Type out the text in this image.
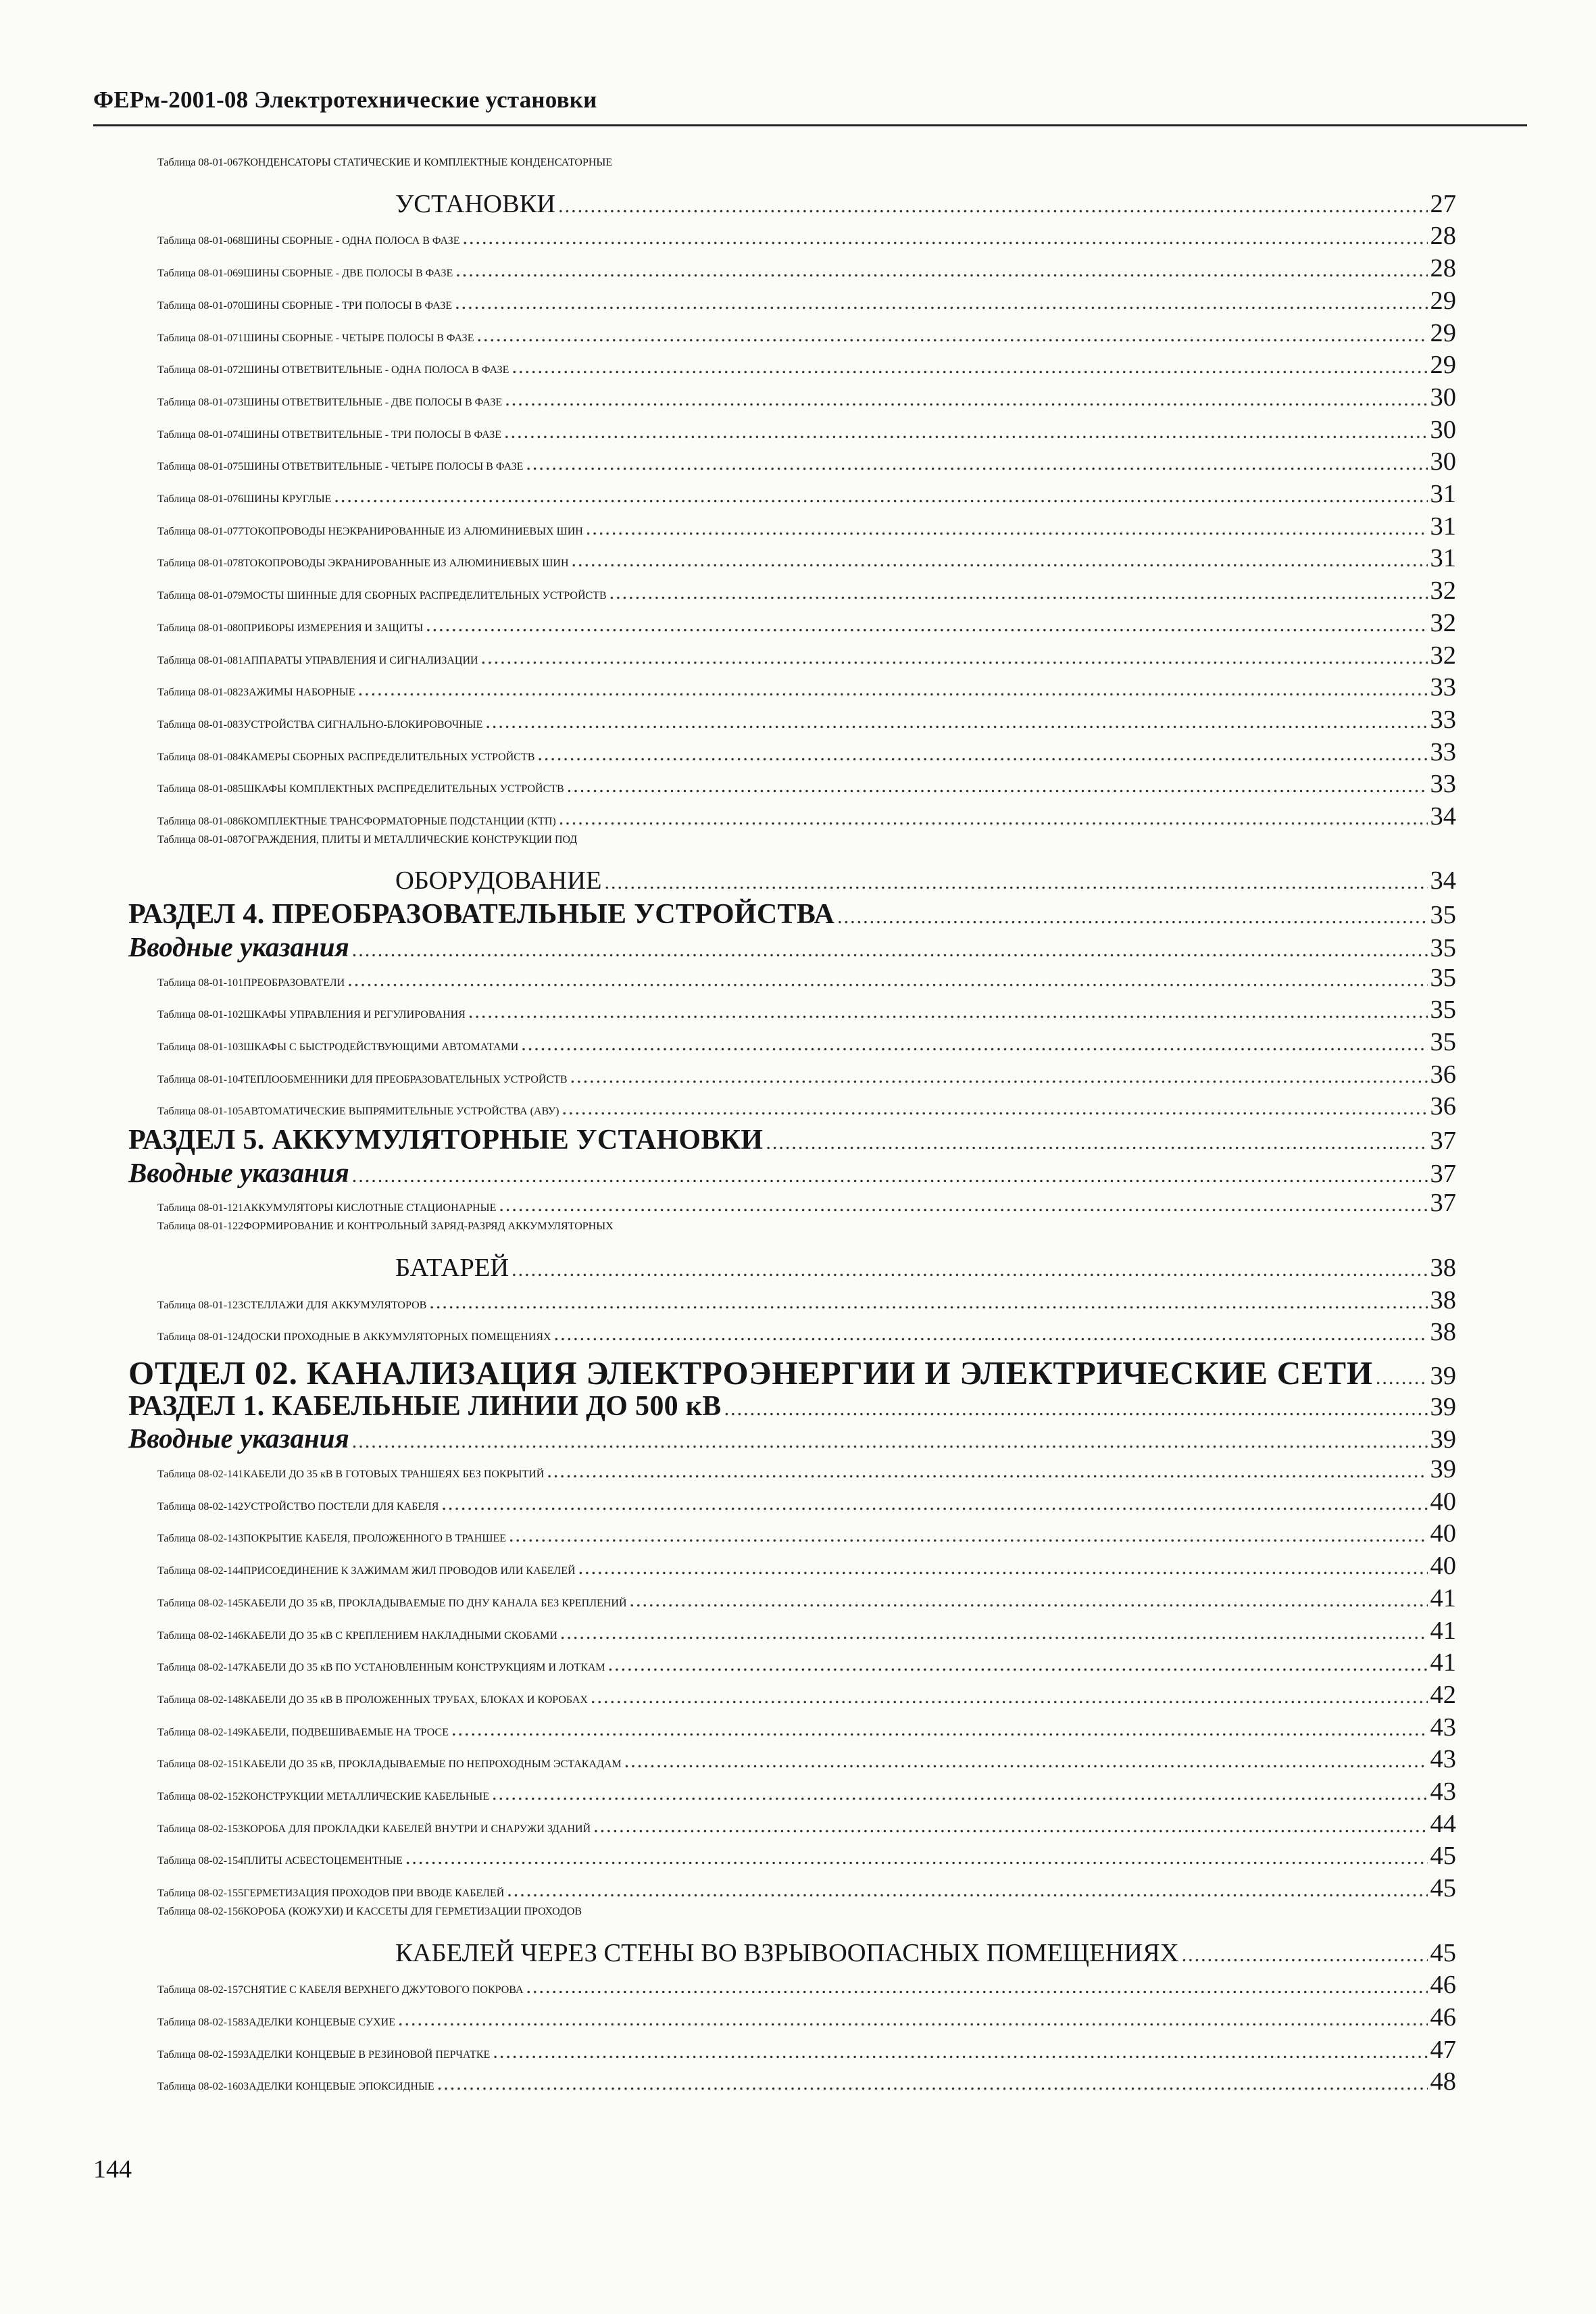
ФЕРм-2001-08 Электротехнические установки
Таблица 08-01-067 КОНДЕНСАТОРЫ СТАТИЧЕСКИЕ И КОМПЛЕКТНЫЕ КОНДЕНСАТОРНЫЕ
УСТАНОВКИ .....	27
Таблица 08-01-068 ШИНЫ СБОРНЫЕ - ОДНА ПОЛОСА В ФАЗЕ .....	28
Таблица 08-01-069 ШИНЫ СБОРНЫЕ - ДВЕ ПОЛОСЫ В ФАЗЕ .....	28
Таблица 08-01-070 ШИНЫ СБОРНЫЕ - ТРИ ПОЛОСЫ В ФАЗЕ .....	29
Таблица 08-01-071 ШИНЫ СБОРНЫЕ - ЧЕТЫРЕ ПОЛОСЫ В ФАЗЕ .....	29
Таблица 08-01-072 ШИНЫ ОТВЕТВИТЕЛЬНЫЕ - ОДНА ПОЛОСА В ФАЗЕ .....	29
Таблица 08-01-073 ШИНЫ ОТВЕТВИТЕЛЬНЫЕ - ДВЕ ПОЛОСЫ В ФАЗЕ .....	30
Таблица 08-01-074 ШИНЫ ОТВЕТВИТЕЛЬНЫЕ - ТРИ ПОЛОСЫ В ФАЗЕ .....	30
Таблица 08-01-075 ШИНЫ ОТВЕТВИТЕЛЬНЫЕ - ЧЕТЫРЕ ПОЛОСЫ В ФАЗЕ .....	30
Таблица 08-01-076 ШИНЫ КРУГЛЫЕ .....	31
Таблица 08-01-077 ТОКОПРОВОДЫ НЕЭКРАНИРОВАННЫЕ ИЗ АЛЮМИНИЕВЫХ ШИН .....	31
Таблица 08-01-078 ТОКОПРОВОДЫ ЭКРАНИРОВАННЫЕ ИЗ АЛЮМИНИЕВЫХ ШИН .....	31
Таблица 08-01-079 МОСТЫ ШИННЫЕ ДЛЯ СБОРНЫХ РАСПРЕДЕЛИТЕЛЬНЫХ УСТРОЙСТВ .....	32
Таблица 08-01-080 ПРИБОРЫ ИЗМЕРЕНИЯ И ЗАЩИТЫ .....	32
Таблица 08-01-081 АППАРАТЫ УПРАВЛЕНИЯ И СИГНАЛИЗАЦИИ .....	32
Таблица 08-01-082 ЗАЖИМЫ НАБОРНЫЕ .....	33
Таблица 08-01-083 УСТРОЙСТВА СИГНАЛЬНО-БЛОКИРОВОЧНЫЕ .....	33
Таблица 08-01-084 КАМЕРЫ СБОРНЫХ РАСПРЕДЕЛИТЕЛЬНЫХ УСТРОЙСТВ .....	33
Таблица 08-01-085 ШКАФЫ КОМПЛЕКТНЫХ РАСПРЕДЕЛИТЕЛЬНЫХ УСТРОЙСТВ .....	33
Таблица 08-01-086 КОМПЛЕКТНЫЕ ТРАНСФОРМАТОРНЫЕ ПОДСТАНЦИИ (КТП) .....	34
Таблица 08-01-087 ОГРАЖДЕНИЯ, ПЛИТЫ И МЕТАЛЛИЧЕСКИЕ КОНСТРУКЦИИ ПОД
ОБОРУДОВАНИЕ .....	34
РАЗДЕЛ 4. ПРЕОБРАЗОВАТЕЛЬНЫЕ УСТРОЙСТВА .....	35
Вводные указания .....	35
Таблица 08-01-101 ПРЕОБРАЗОВАТЕЛИ .....	35
Таблица 08-01-102 ШКАФЫ УПРАВЛЕНИЯ И РЕГУЛИРОВАНИЯ .....	35
Таблица 08-01-103 ШКАФЫ С БЫСТРОДЕЙСТВУЮЩИМИ АВТОМАТАМИ .....	35
Таблица 08-01-104 ТЕПЛООБМЕННИКИ ДЛЯ ПРЕОБРАЗОВАТЕЛЬНЫХ УСТРОЙСТВ .....	36
Таблица 08-01-105 АВТОМАТИЧЕСКИЕ ВЫПРЯМИТЕЛЬНЫЕ УСТРОЙСТВА (АВУ) .....	36
РАЗДЕЛ 5. АККУМУЛЯТОРНЫЕ УСТАНОВКИ .....	37
Вводные указания .....	37
Таблица 08-01-121 АККУМУЛЯТОРЫ КИСЛОТНЫЕ СТАЦИОНАРНЫЕ .....	37
Таблица 08-01-122 ФОРМИРОВАНИЕ И КОНТРОЛЬНЫЙ ЗАРЯД-РАЗРЯД АККУМУЛЯТОРНЫХ
БАТАРЕЙ .....	38
Таблица 08-01-123 СТЕЛЛАЖИ ДЛЯ АККУМУЛЯТОРОВ .....	38
Таблица 08-01-124 ДОСКИ ПРОХОДНЫЕ В АККУМУЛЯТОРНЫХ ПОМЕЩЕНИЯХ .....	38
ОТДЕЛ 02. КАНАЛИЗАЦИЯ ЭЛЕКТРОЭНЕРГИИ И ЭЛЕКТРИЧЕСКИЕ СЕТИ ..... 39
РАЗДЕЛ 1. КАБЕЛЬНЫЕ ЛИНИИ ДО 500 кВ .....	39
Вводные указания .....	39
Таблица 08-02-141 КАБЕЛИ ДО 35 кВ В ГОТОВЫХ ТРАНШЕЯХ БЕЗ ПОКРЫТИЙ .....	39
Таблица 08-02-142 УСТРОЙСТВО ПОСТЕЛИ ДЛЯ КАБЕЛЯ .....	40
Таблица 08-02-143 ПОКРЫТИЕ КАБЕЛЯ, ПРОЛОЖЕННОГО В ТРАНШЕЕ .....	40
Таблица 08-02-144 ПРИСОЕДИНЕНИЕ К ЗАЖИМАМ ЖИЛ ПРОВОДОВ ИЛИ КАБЕЛЕЙ .....	40
Таблица 08-02-145 КАБЕЛИ ДО 35 кВ, ПРОКЛАДЫВАЕМЫЕ ПО ДНУ КАНАЛА БЕЗ КРЕПЛЕНИЙ .....	41
Таблица 08-02-146 КАБЕЛИ ДО 35 кВ С КРЕПЛЕНИЕМ НАКЛАДНЫМИ СКОБАМИ .....	41
Таблица 08-02-147 КАБЕЛИ ДО 35 кВ ПО УСТАНОВЛЕННЫМ КОНСТРУКЦИЯМ И ЛОТКАМ .....	41
Таблица 08-02-148 КАБЕЛИ ДО 35 кВ В ПРОЛОЖЕННЫХ ТРУБАХ, БЛОКАХ И КОРОБАХ .....	42
Таблица 08-02-149 КАБЕЛИ, ПОДВЕШИВАЕМЫЕ НА ТРОСЕ .....	43
Таблица 08-02-151 КАБЕЛИ ДО 35 кВ, ПРОКЛАДЫВАЕМЫЕ ПО НЕПРОХОДНЫМ ЭСТАКАДАМ .....	43
Таблица 08-02-152 КОНСТРУКЦИИ МЕТАЛЛИЧЕСКИЕ КАБЕЛЬНЫЕ .....	43
Таблица 08-02-153 КОРОБА ДЛЯ ПРОКЛАДКИ КАБЕЛЕЙ ВНУТРИ И СНАРУЖИ ЗДАНИЙ .....	44
Таблица 08-02-154 ПЛИТЫ АСБЕСТОЦЕМЕНТНЫЕ .....	45
Таблица 08-02-155 ГЕРМЕТИЗАЦИЯ ПРОХОДОВ ПРИ ВВОДЕ КАБЕЛЕЙ .....	45
Таблица 08-02-156 КОРОБА (КОЖУХИ) И КАССЕТЫ ДЛЯ ГЕРМЕТИЗАЦИИ ПРОХОДОВ
КАБЕЛЕЙ ЧЕРЕЗ СТЕНЫ ВО ВЗРЫВООПАСНЫХ ПОМЕЩЕНИЯХ .....	45
Таблица 08-02-157 СНЯТИЕ С КАБЕЛЯ ВЕРХНЕГО ДЖУТОВОГО ПОКРОВА .....	46
Таблица 08-02-158 ЗАДЕЛКИ КОНЦЕВЫЕ СУХИЕ .....	46
Таблица 08-02-159 ЗАДЕЛКИ КОНЦЕВЫЕ В РЕЗИНОВОЙ ПЕРЧАТКЕ .....	47
Таблица 08-02-160 ЗАДЕЛКИ КОНЦЕВЫЕ ЭПОКСИДНЫЕ .....	48
144
